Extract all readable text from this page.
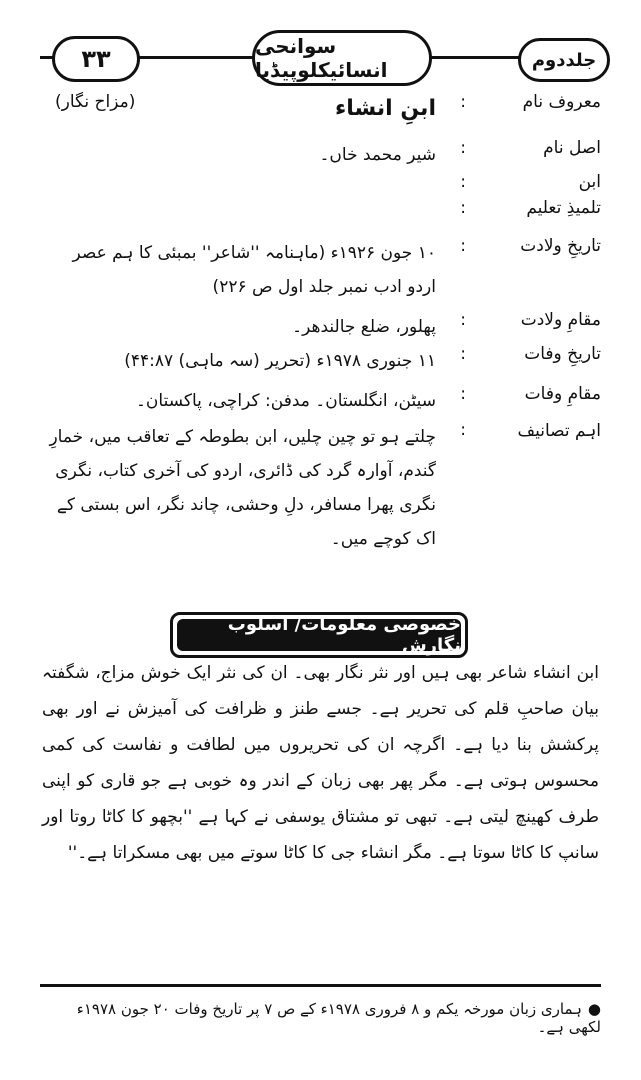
۳۳	سوانحی انسائیکلوپیڈیا	جلددوم
معروف نام
:
ابنِ انشاء
(مزاح نگار)
اصل نام
:
شیر محمد خاں۔
ابن
:
تلمیذِ تعلیم
:
تاریخِ ولادت
:
۱۰ جون ۱۹۲۶ء (ماہنامہ ''شاعر'' بمبئی کا ہم عصر اردو ادب نمبر جلد اول ص ۲۲۶)
مقامِ ولادت
:
پھلور، ضلع جالندھر۔
تاریخِ وفات
:
۱۱ جنوری ۱۹۷۸ء (تحریر (سہ ماہی) ۴۴:۸۷)
مقامِ وفات
:
سیٹن، انگلستان۔ مدفن: کراچی، پاکستان۔
اہم تصانیف
:
چلتے ہو تو چین چلیں، ابن بطوطہ کے تعاقب میں، خمارِ گندم، آوارہ گرد کی ڈائری، اردو کی آخری کتاب، نگری نگری پھرا مسافر، دلِ وحشی، چاند نگر، اس بستی کے اک کوچے میں۔
خصوصی معلومات/ اسلوب نگارش
ابن انشاء شاعر بھی ہیں اور نثر نگار بھی۔ ان کی نثر ایک خوش مزاج، شگفتہ بیان صاحبِ قلم کی تحریر ہے۔ جسے طنز و ظرافت کی آمیزش نے اور بھی پرکشش بنا دیا ہے۔ اگرچہ ان کی تحریروں میں لطافت و نفاست کی کمی محسوس ہوتی ہے۔ مگر پھر بھی زبان کے اندر وہ خوبی ہے جو قاری کو اپنی طرف کھینچ لیتی ہے۔ تبھی تو مشتاق یوسفی نے کہا ہے ''بچھو کا کاٹا روتا اور سانپ کا کاٹا سوتا ہے۔ مگر انشاء جی کا کاٹا سوتے میں بھی مسکراتا ہے۔''
●ہماری زبان مورخہ یکم و ۸ فروری ۱۹۷۸ء کے ص ۷ پر تاریخ وفات ۲۰ جون ۱۹۷۸ء لکھی ہے۔
